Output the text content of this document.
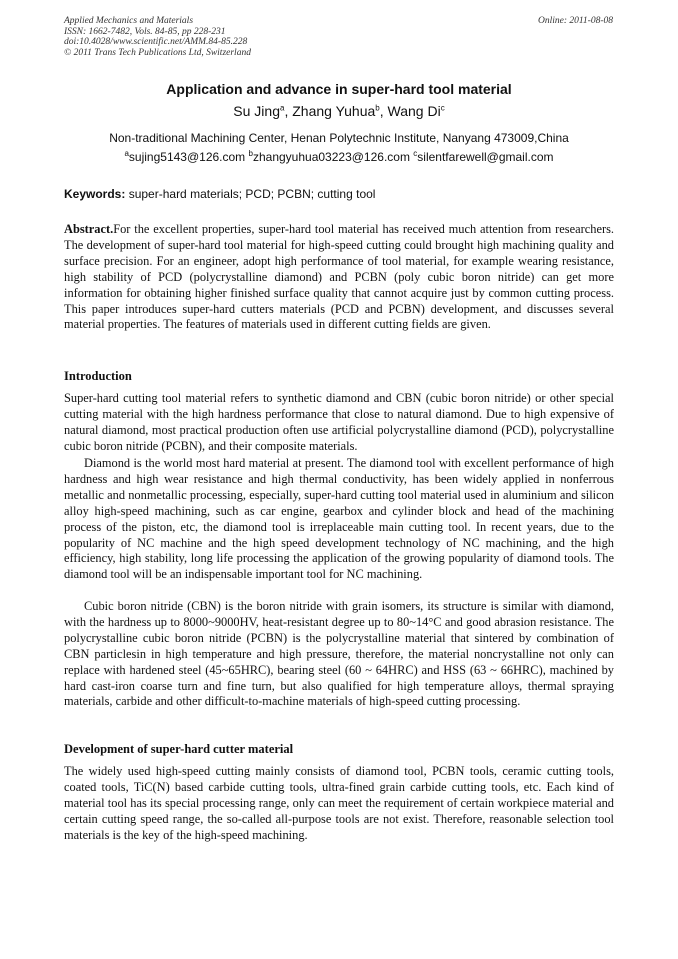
Applied Mechanics and Materials
ISSN: 1662-7482, Vols. 84-85, pp 228-231
doi:10.4028/www.scientific.net/AMM.84-85.228
© 2011 Trans Tech Publications Ltd, Switzerland
Online: 2011-08-08
Application and advance in super-hard tool material
Su Jing$^a$, Zhang Yuhua$^b$, Wang Di$^c$
Non-traditional Machining Center, Henan Polytechnic Institute, Nanyang 473009,China
$^a$sujing5143@126.com $^b$zhangyuhua03223@126.com $^c$silentfarewell@gmail.com
Keywords: super-hard materials; PCD; PCBN; cutting tool

Abstract.For the excellent properties, super-hard tool material has received much attention from researchers. The development of super-hard tool material for high-speed cutting could brought high machining quality and surface precision. For an engineer, adopt high performance of tool material, for example wearing resistance, high stability of PCD (polycrystalline diamond) and PCBN (poly cubic boron nitride) can get more information for obtaining higher finished surface quality that cannot acquire just by common cutting process. This paper introduces super-hard cutters materials (PCD and PCBN) development, and discusses several material properties. The features of materials used in different cutting fields are given.

Introduction

Super-hard cutting tool material refers to synthetic diamond and CBN (cubic boron nitride) or other special cutting material with the high hardness performance that close to natural diamond. Due to high expensive of natural diamond, most practical production often use artificial polycrystalline diamond (PCD), polycrystalline cubic boron nitride (PCBN), and their composite materials.

Diamond is the world most hard material at present. The diamond tool with excellent performance of high hardness and high wear resistance and high thermal conductivity, has been widely applied in nonferrous metallic and nonmetallic processing, especially, super-hard cutting tool material used in aluminium and silicon alloy high-speed machining, such as car engine, gearbox and cylinder block and head of the machining process of the piston, etc, the diamond tool is irreplaceable main cutting tool. In recent years, due to the popularity of NC machine and the high speed development technology of NC machining, and the high efficiency, high stability, long life processing the application of the growing popularity of diamond tools. The diamond tool will be an indispensable important tool for NC machining.

Cubic boron nitride (CBN) is the boron nitride with grain isomers, its structure is similar with diamond, with the hardness up to 8000~9000HV, heat-resistant degree up to 80~14°C and good abrasion resistance. The polycrystalline cubic boron nitride (PCBN) is the polycrystalline material that sintered by combination of CBN particlesin in high temperature and high pressure, therefore, the material noncrystalline not only can replace with hardened steel (45~65HRC), bearing steel (60 ~ 64HRC) and HSS (63 ~ 66HRC), machined by hard cast-iron coarse turn and fine turn, but also qualified for high temperature alloys, thermal spraying materials, carbide and other difficult-to-machine materials of high-speed cutting processing.

Development of super-hard cutter material

The widely used high-speed cutting mainly consists of diamond tool, PCBN tools, ceramic cutting tools, coated tools, TiC(N) based carbide cutting tools, ultra-fined grain carbide cutting tools, etc. Each kind of material tool has its special processing range, only can meet the requirement of certain workpiece material and certain cutting speed range, the so-called all-purpose tools are not exist. Therefore, reasonable selection tool materials is the key of the high-speed machining.
